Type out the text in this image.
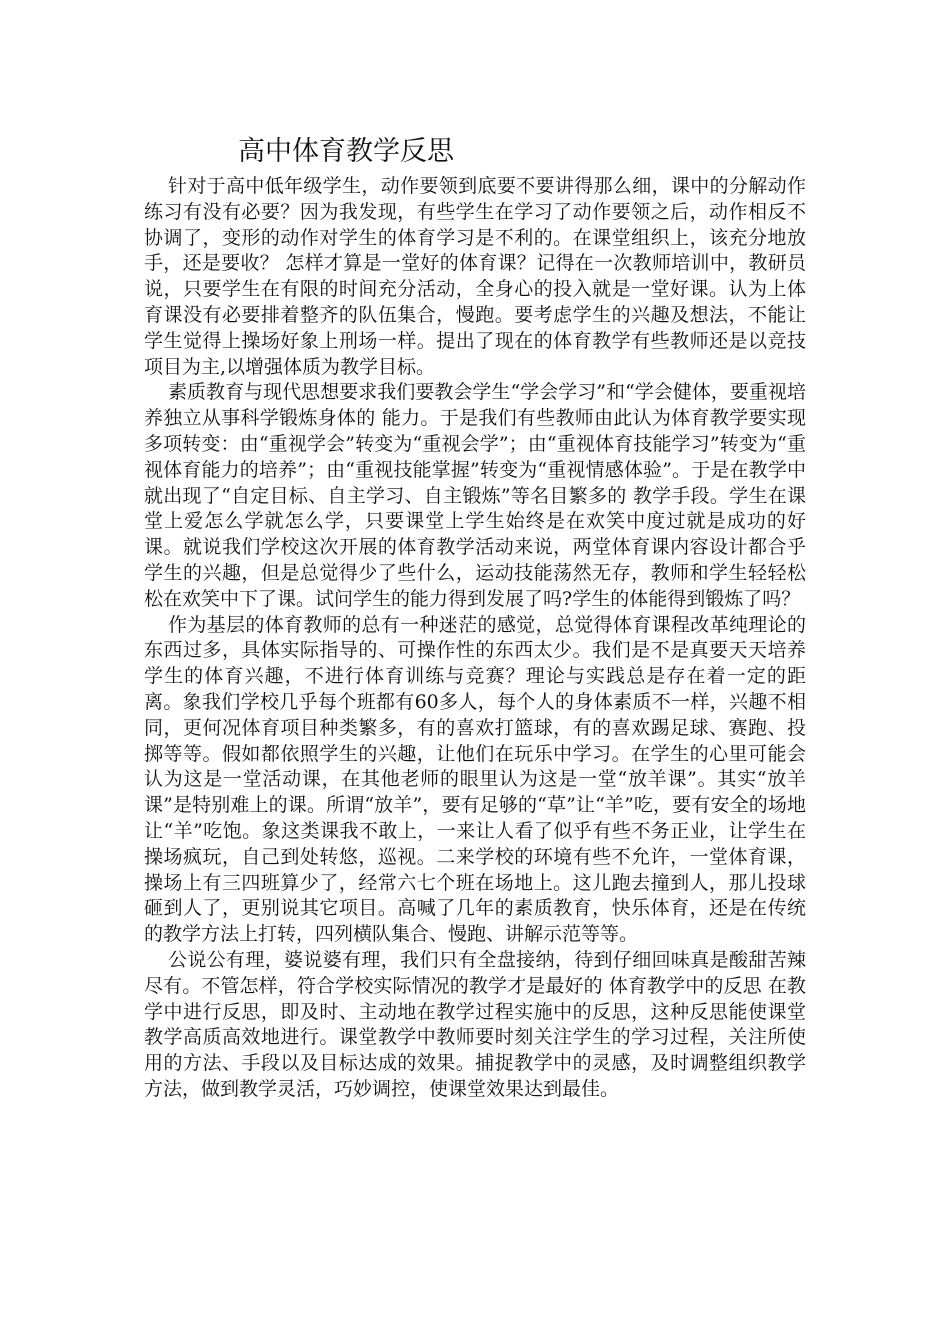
高中体育教学反思

针对于高中低年级学生，动作要领到底要不要讲得那么细，课中的分解动作练习有没有必要？因为我发现，有些学生在学习了动作要领之后，动作相反不协调了，变形的动作对学生的体育学习是不利的。在课堂组织上，该充分地放手，还是要收？ 怎样才算是一堂好的体育课？记得在一次教师培训中，教研员说，只要学生在有限的时间充分活动，全身心的投入就是一堂好课。认为上体育课没有必要排着整齐的队伍集合，慢跑。要考虑学生的兴趣及想法，不能让学生觉得上操场好象上刑场一样。提出了现在的体育教学有些教师还是以竞技项目为主,以增强体质为教学目标。

素质教育与现代思想要求我们要教会学生“学会学习”和“学会健体，要重视培养独立从事科学锻炼身体的 能力。于是我们有些教师由此认为体育教学要实现多项转变：由“重视学会”转变为“重视会学”；由“重视体育技能学习”转变为“重视体育能力的培养”；由“重视技能掌握”转变为“重视情感体验”。于是在教学中就出现了“自定目标、自主学习、自主锻炼”等名目繁多的 教学手段。学生在课堂上爱怎么学就怎么学，只要课堂上学生始终是在欢笑中度过就是成功的好课。就说我们学校这次开展的体育教学活动来说，两堂体育课内容设计都合乎学生的兴趣，但是总觉得少了些什么，运动技能荡然无存，教师和学生轻轻松松在欢笑中下了课。试问学生的能力得到发展了吗?学生的体能得到锻炼了吗？

作为基层的体育教师的总有一种迷茫的感觉，总觉得体育课程改革纯理论的东西过多，具体实际指导的、可操作性的东西太少。我们是不是真要天天培养学生的体育兴趣，不进行体育训练与竞赛？理论与实践总是存在着一定的距离。象我们学校几乎每个班都有60多人，每个人的身体素质不一样，兴趣不相同，更何况体育项目种类繁多，有的喜欢打篮球，有的喜欢踢足球、赛跑、投掷等等。假如都依照学生的兴趣，让他们在玩乐中学习。在学生的心里可能会认为这是一堂活动课，在其他老师的眼里认为这是一堂“放羊课”。其实“放羊课”是特别难上的课。所谓“放羊”，要有足够的“草”让“羊”吃，要有安全的场地让“羊”吃饱。象这类课我不敢上，一来让人看了似乎有些不务正业，让学生在操场疯玩，自己到处转悠，巡视。二来学校的环境有些不允许，一堂体育课，操场上有三四班算少了，经常六七个班在场地上。这儿跑去撞到人，那儿投球砸到人了，更别说其它项目。高喊了几年的素质教育，快乐体育，还是在传统的教学方法上打转，四列横队集合、慢跑、讲解示范等等。

公说公有理，婆说婆有理，我们只有全盘接纳，待到仔细回味真是酸甜苦辣尽有。不管怎样，符合学校实际情况的教学才是最好的 体育教学中的反思 在教学中进行反思，即及时、主动地在教学过程实施中的反思，这种反思能使课堂教学高质高效地进行。课堂教学中教师要时刻关注学生的学习过程，关注所使用的方法、手段以及目标达成的效果。捕捉教学中的灵感，及时调整组织教学方法，做到教学灵活，巧妙调控，使课堂效果达到最佳。
